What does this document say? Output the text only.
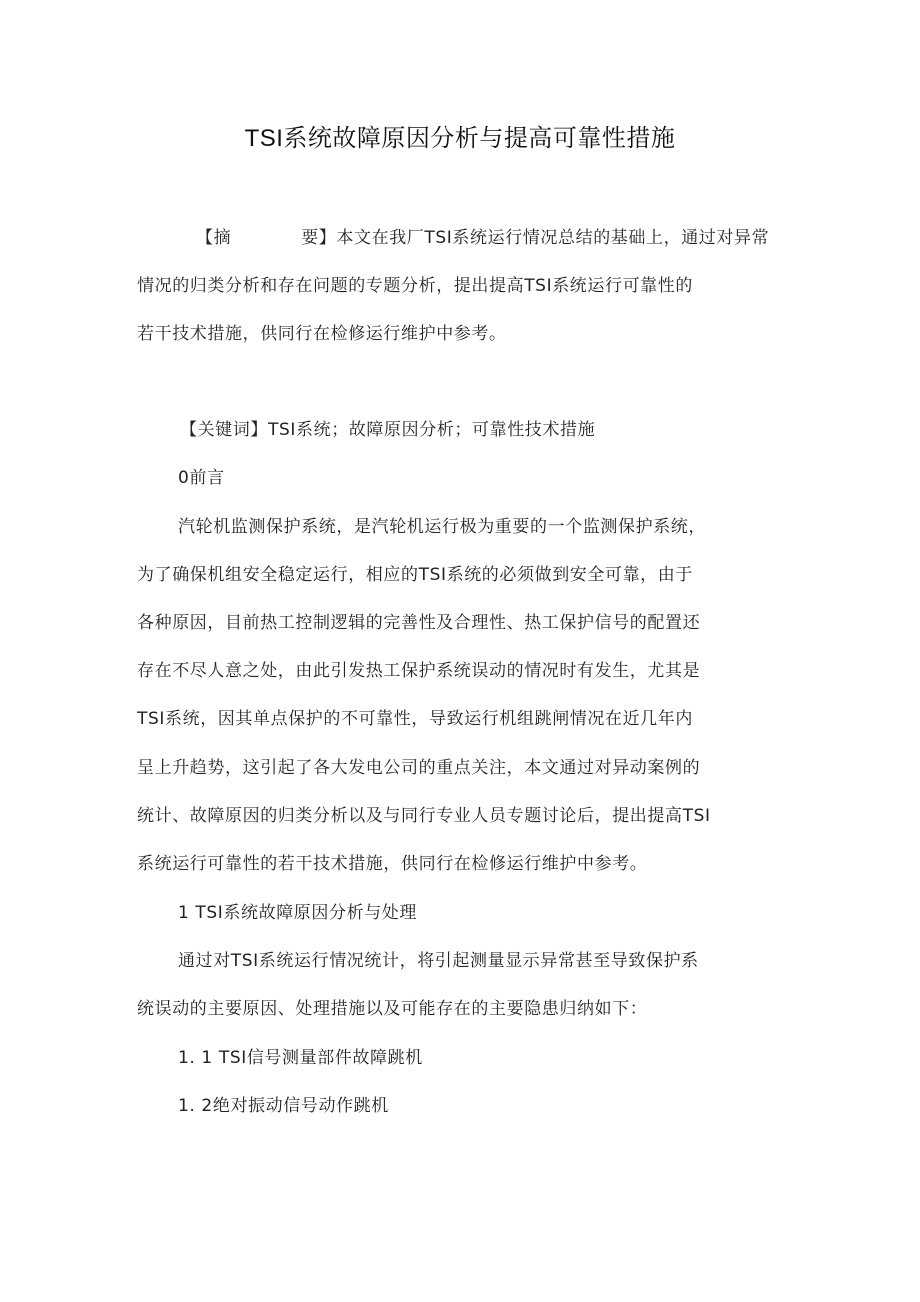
TSI系统故障原因分析与提高可靠性措施
【摘	要】本文在我厂TSI系统运行情况总结的基础上，通过对异常
情况的归类分析和存在问题的专题分析，提出提高TSI系统运行可靠性的
若干技术措施，供同行在检修运行维护中参考。
【关键词】TSI系统；故障原因分析；可靠性技术措施
0前言
汽轮机监测保护系统，是汽轮机运行极为重要的一个监测保护系统，
为了确保机组安全稳定运行，相应的TSI系统的必须做到安全可靠，由于
各种原因，目前热工控制逻辑的完善性及合理性、热工保护信号的配置还
存在不尽人意之处，由此引发热工保护系统误动的情况时有发生，尤其是
TSI系统，因其单点保护的不可靠性，导致运行机组跳闸情况在近几年内
呈上升趋势，这引起了各大发电公司的重点关注，本文通过对异动案例的
统计、故障原因的归类分析以及与同行专业人员专题讨论后，提出提高TSI
系统运行可靠性的若干技术措施，供同行在检修运行维护中参考。
1 TSI系统故障原因分析与处理
通过对TSI系统运行情况统计，将引起测量显示异常甚至导致保护系
统误动的主要原因、处理措施以及可能存在的主要隐患归纳如下：
1. 1 TSI信号测量部件故障跳机
1. 2绝对振动信号动作跳机
